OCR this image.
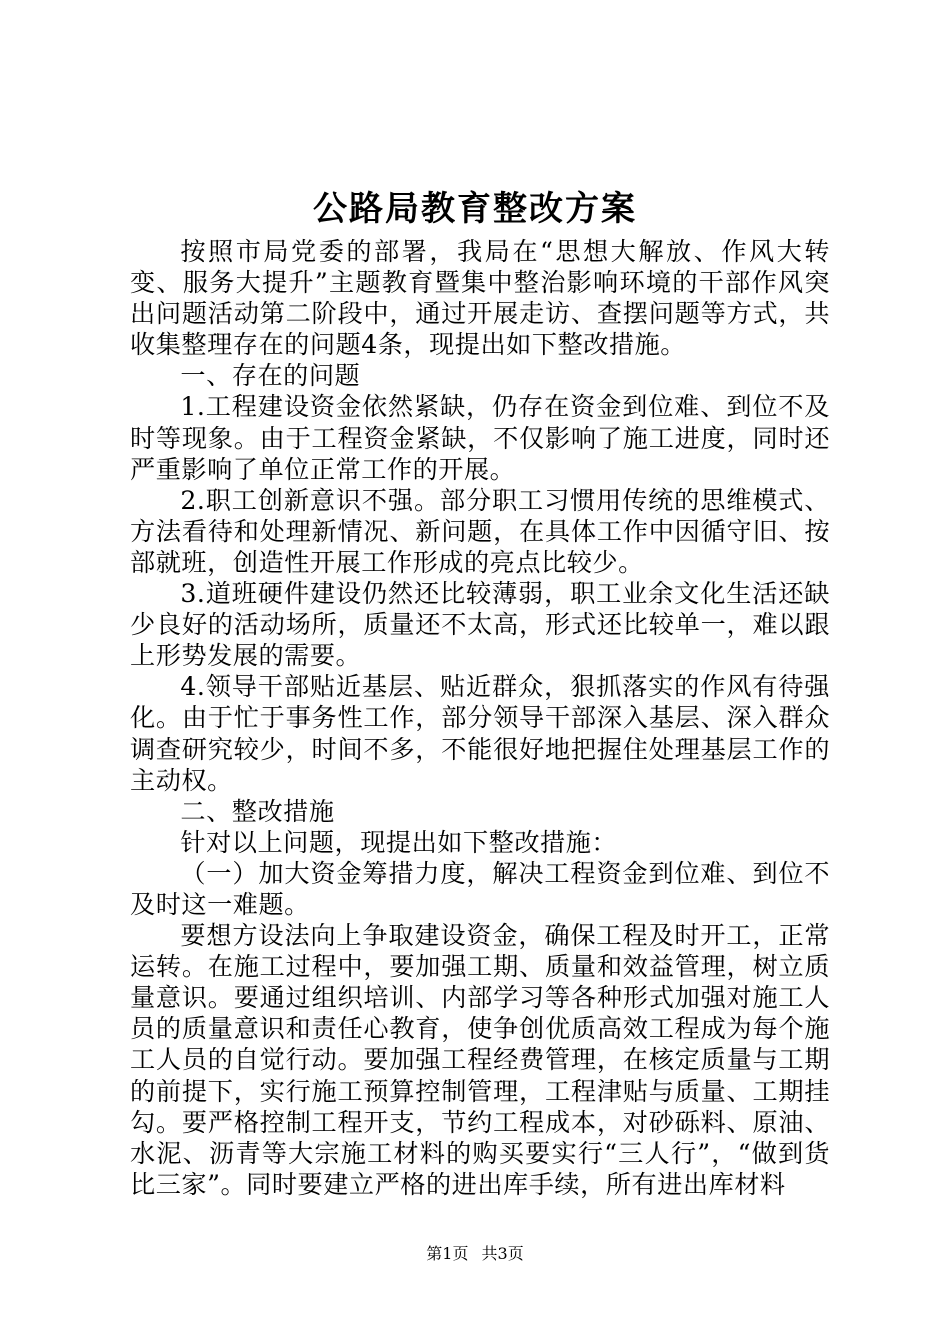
公路局教育整改方案

按照市局党委的部署，我局在“思想大解放、作风大转变、服务大提升”主题教育暨集中整治影响环境的干部作风突出问题活动第二阶段中，通过开展走访、查摆问题等方式，共收集整理存在的问题4条，现提出如下整改措施。

一、存在的问题

1.工程建设资金依然紧缺，仍存在资金到位难、到位不及时等现象。由于工程资金紧缺，不仅影响了施工进度，同时还严重影响了单位正常工作的开展。

2.职工创新意识不强。部分职工习惯用传统的思维模式、方法看待和处理新情况、新问题，在具体工作中因循守旧、按部就班，创造性开展工作形成的亮点比较少。

3.道班硬件建设仍然还比较薄弱，职工业余文化生活还缺少良好的活动场所，质量还不太高，形式还比较单一，难以跟上形势发展的需要。

4.领导干部贴近基层、贴近群众，狠抓落实的作风有待强化。由于忙于事务性工作，部分领导干部深入基层、深入群众调查研究较少，时间不多，不能很好地把握住处理基层工作的主动权。

二、整改措施

针对以上问题，现提出如下整改措施：

（一）加大资金筹措力度，解决工程资金到位难、到位不及时这一难题。

要想方设法向上争取建设资金，确保工程及时开工，正常运转。在施工过程中，要加强工期、质量和效益管理，树立质量意识。要通过组织培训、内部学习等各种形式加强对施工人员的质量意识和责任心教育，使争创优质高效工程成为每个施工人员的自觉行动。要加强工程经费管理，在核定质量与工期的前提下，实行施工预算控制管理，工程津贴与质量、工期挂勾。要严格控制工程开支，节约工程成本，对砂砾料、原油、水泥、沥青等大宗施工材料的购买要实行“三人行”，“做到货比三家”。同时要建立严格的进出库手续，所有进出库材料

第1页 共3页
